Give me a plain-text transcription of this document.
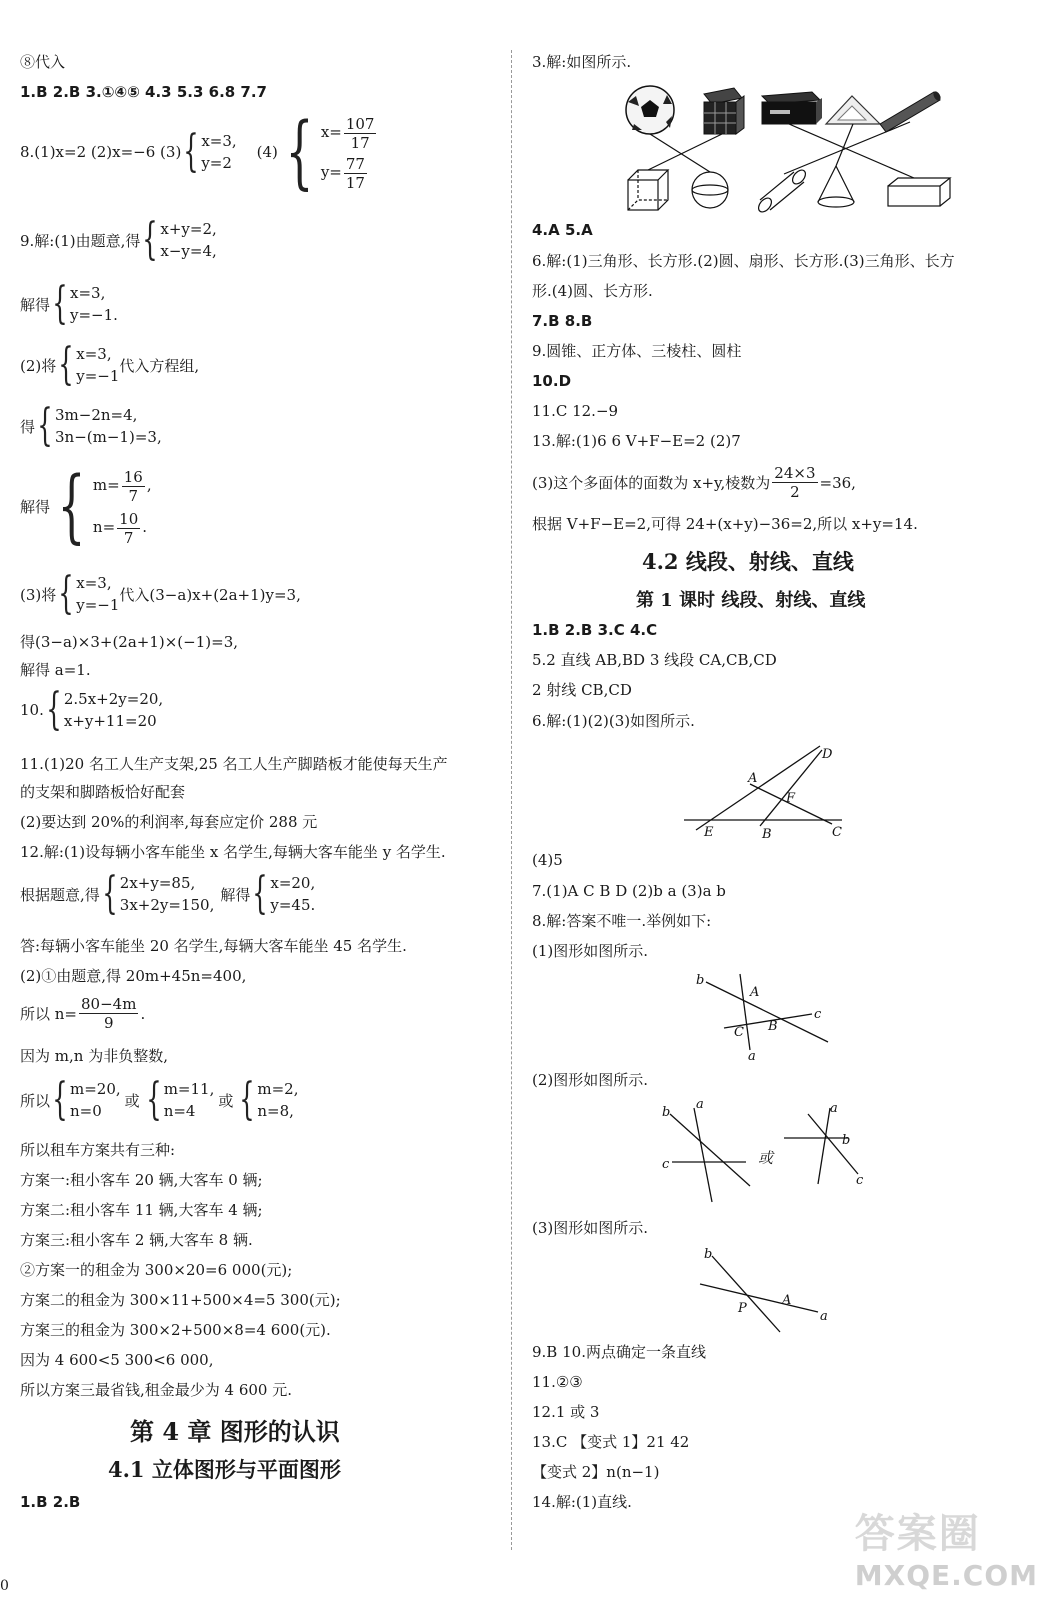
⑧代入
1.B 2.B 3.①④⑤ 4.3 5.3 6.8 7.7
8.(1)x=2 (2)x=−6 (3) { x=3,
y=2
(4) { $x= \frac{107}{17}$
$y= \frac{77}{17}$
9.解:(1)由题意,得 { x+y=2,
x−y=4,
解得 { x=3,
y=−1.
(2)将 { x=3,
y=−1
代入方程组,
得 { 3m−2n=4,
3n−(m−1)=3,
解得 { $m= \frac{16}{7}$ ,
$n= \frac{10}{7}$ .
(3)将 { x=3,
y=−1
代入(3−a)x+(2a+1)y=3,
得(3−a)×3+(2a+1)×(−1)=3,
解得 a=1.
10. { 2.5x+2y=20,
x+y+11=20
11.(1)20 名工人生产支架,25 名工人生产脚踏板才能使每天生产
的支架和脚踏板恰好配套
(2)要达到 20%的利润率,每套应定价 288 元
12.解:(1)设每辆小客车能坐 x 名学生,每辆大客车能坐 y 名学生.
根据题意,得 { 2x+y=85,
3x+2y=150,
解得 { x=20,
y=45.
答:每辆小客车能坐 20 名学生,每辆大客车能坐 45 名学生.
(2)①由题意,得 20m+45n=400,
所以 $n= \frac{80-4m}{9}$ .
因为 m,n 为非负整数,
所以 { m=20,
n=0
或 { m=11,
n=4
或 { m=2,
n=8,
所以租车方案共有三种:
方案一:租小客车 20 辆,大客车 0 辆;
方案二:租小客车 11 辆,大客车 4 辆;
方案三:租小客车 2 辆,大客车 8 辆.
②方案一的租金为 300×20=6 000(元);
方案二的租金为 300×11+500×4=5 300(元);
方案三的租金为 300×2+500×8=4 600(元).
因为 4 600<5 300<6 000,
所以方案三最省钱,租金最少为 4 600 元.
第 4 章 图形的认识
4.1 立体图形与平面图形
1.B 2.B
3.解:如图所示.
4.A 5.A
6.解:(1)三角形、长方形.(2)圆、扇形、长方形.(3)三角形、长方
形.(4)圆、长方形.
7.B 8.B
9.圆锥、正方体、三棱柱、圆柱
10.D
11.C 12.−9
13.解:(1)6 6 V+F−E=2 (2)7
(3)这个多面体的面数为 x+y,棱数为 $\frac{24\times 3}{2} =36$,
根据 V+F−E=2,可得 24+(x+y)−36=2,所以 x+y=14.
4.2 线段、射线、直线
第 1 课时 线段、射线、直线
1.B 2.B 3.C 4.C
5.2 直线 AB,BD 3 线段 CA,CB,CD
2 射线 CB,CD
6.解:(1)(2)(3)如图所示.
A
D
F
E	B	C
(4)5
7.(1)A C B D (2)b a (3)a b
8.解:答案不唯一.举例如下:
(1)图形如图所示.
b
A
c
C B
a
(2)图形如图所示.
b
a
c
a
b
c
或
(3)图形如图所示.
b
P
A
a
9.B 10.两点确定一条直线
11.②③
12.1 或 3
13.C 【变式 1】21 42
【变式 2】n(n−1)
14.解:(1)直线.
0
答案圈
MXQE.COM
